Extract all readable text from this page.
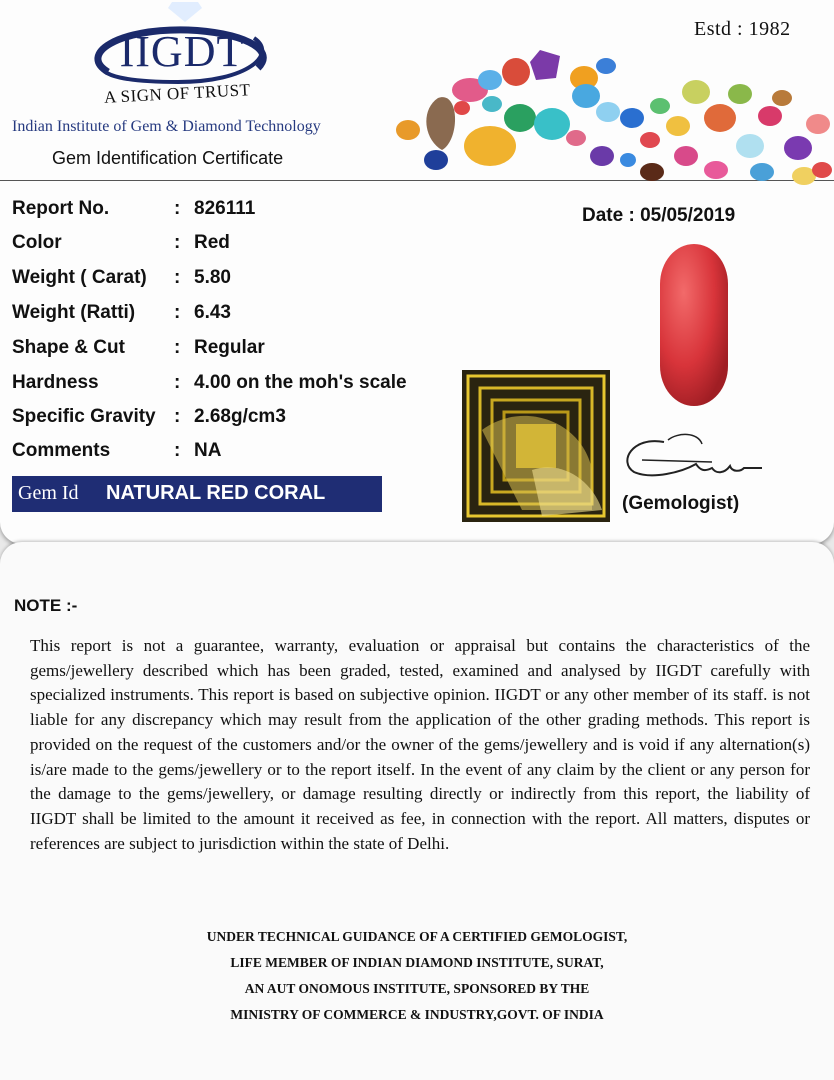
IIGDT
A SIGN OF TRUST
Indian Institute of Gem & Diamond Technology
Gem Identification Certificate
Estd : 1982
Report No.	: 826111
Color	: Red
Weight ( Carat) : 5.80
Weight (Ratti) : 6.43
Shape & Cut	: Regular
Hardness	: 4.00 on the moh's scale
Specific Gravity : 2.68g/cm3
Comments	: NA
Date : 05/05/2019
(Gemologist)
Gem Id NATURAL RED CORAL
NOTE :-

This report is not a guarantee, warranty, evaluation or appraisal but contains the characteristics of the gems/jewellery described which has been graded, tested, examined and analysed by IIGDT carefully with specialized instruments. This report is based on subjective opinion. IIGDT or any other member of its staff. is not liable for any discrepancy which may result from the application of the other grading methods. This report is provided on the request of the customers and/or the owner of the gems/jewellery and is void if any alternation(s) is/are made to the gems/jewellery or to the report itself. In the event of any claim by the client or any person for the damage to the gems/jewellery, or damage resulting directly or indirectly from this report, the liability of IIGDT shall be limited to the amount it received as fee, in connection with the report. All matters, disputes or references are subject to jurisdiction within the state of Delhi.

UNDER TECHNICAL GUIDANCE OF A CERTIFIED GEMOLOGIST,
LIFE MEMBER OF INDIAN DIAMOND INSTITUTE, SURAT,
AN AUT ONOMOUS INSTITUTE, SPONSORED BY THE
MINISTRY OF COMMERCE & INDUSTRY,GOVT. OF INDIA
